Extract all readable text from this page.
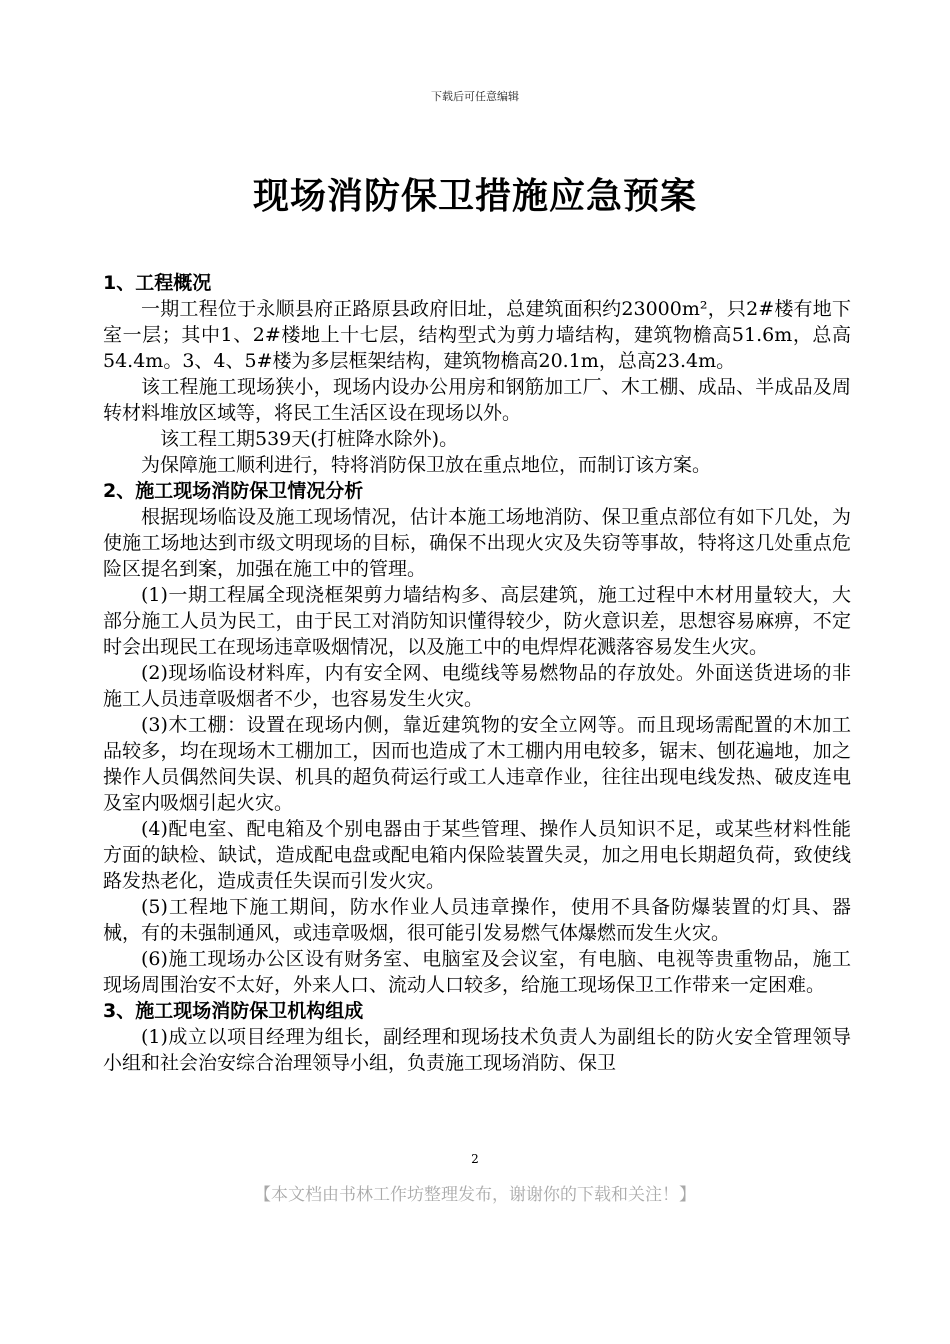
下载后可任意编辑
现场消防保卫措施应急预案

1、工程概况

一期工程位于永顺县府正路原县政府旧址，总建筑面积约23000m²，只2#楼有地下室一层；其中1、2#楼地上十七层，结构型式为剪力墙结构，建筑物檐高51.6m，总高54.4m。3、4、5#楼为多层框架结构，建筑物檐高20.1m，总高23.4m。

该工程施工现场狭小，现场内设办公用房和钢筋加工厂、木工棚、成品、半成品及周转材料堆放区域等，将民工生活区设在现场以外。

该工程工期539天(打桩降水除外)。

为保障施工顺利进行，特将消防保卫放在重点地位，而制订该方案。

2、施工现场消防保卫情况分析

根据现场临设及施工现场情况，估计本施工场地消防、保卫重点部位有如下几处，为使施工场地达到市级文明现场的目标，确保不出现火灾及失窃等事故，特将这几处重点危险区提名到案，加强在施工中的管理。

(1)一期工程属全现浇框架剪力墙结构多、高层建筑，施工过程中木材用量较大，大部分施工人员为民工，由于民工对消防知识懂得较少，防火意识差，思想容易麻痹，不定时会出现民工在现场违章吸烟情况，以及施工中的电焊焊花溅落容易发生火灾。

(2)现场临设材料库，内有安全网、电缆线等易燃物品的存放处。外面送货进场的非施工人员违章吸烟者不少，也容易发生火灾。

(3)木工棚：设置在现场内侧，靠近建筑物的安全立网等。而且现场需配置的木加工品较多，均在现场木工棚加工，因而也造成了木工棚内用电较多，锯末、刨花遍地，加之操作人员偶然间失误、机具的超负荷运行或工人违章作业，往往出现电线发热、破皮连电及室内吸烟引起火灾。

(4)配电室、配电箱及个别电器由于某些管理、操作人员知识不足，或某些材料性能方面的缺检、缺试，造成配电盘或配电箱内保险装置失灵，加之用电长期超负荷，致使线路发热老化，造成责任失误而引发火灾。

(5)工程地下施工期间，防水作业人员违章操作，使用不具备防爆装置的灯具、器械，有的未强制通风，或违章吸烟，很可能引发易燃气体爆燃而发生火灾。

(6)施工现场办公区设有财务室、电脑室及会议室，有电脑、电视等贵重物品，施工现场周围治安不太好，外来人口、流动人口较多，给施工现场保卫工作带来一定困难。

3、施工现场消防保卫机构组成

(1)成立以项目经理为组长，副经理和现场技术负责人为副组长的防火安全管理领导小组和社会治安综合治理领导小组，负责施工现场消防、保卫

2
【本文档由书林工作坊整理发布，谢谢你的下载和关注！】
